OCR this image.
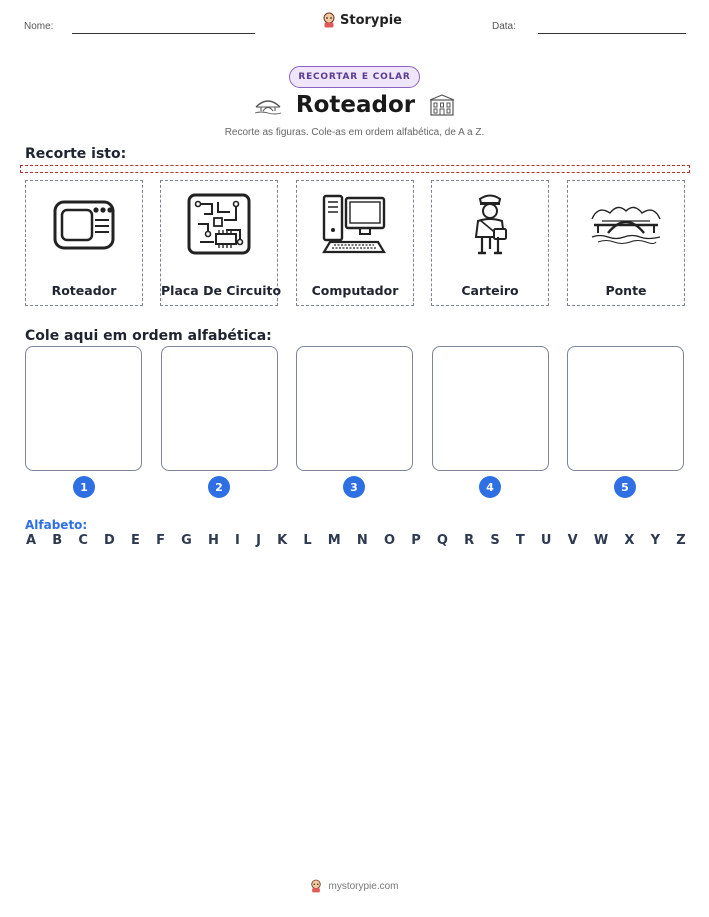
Nome:	Storypie	Data:
RECORTAR E COLAR
Roteador
Recorte as figuras. Cole-as em ordem alfabética, de A a Z.
Recorte isto:
Roteador	Placa De Circuito	Computador	Carteiro	Ponte
Cole aqui em ordem alfabética:
1	2	3	4	5
Alfabeto:
A B C D E F G H I J K L M N O P Q R S T U V W X Y Z
mystorypie.com
